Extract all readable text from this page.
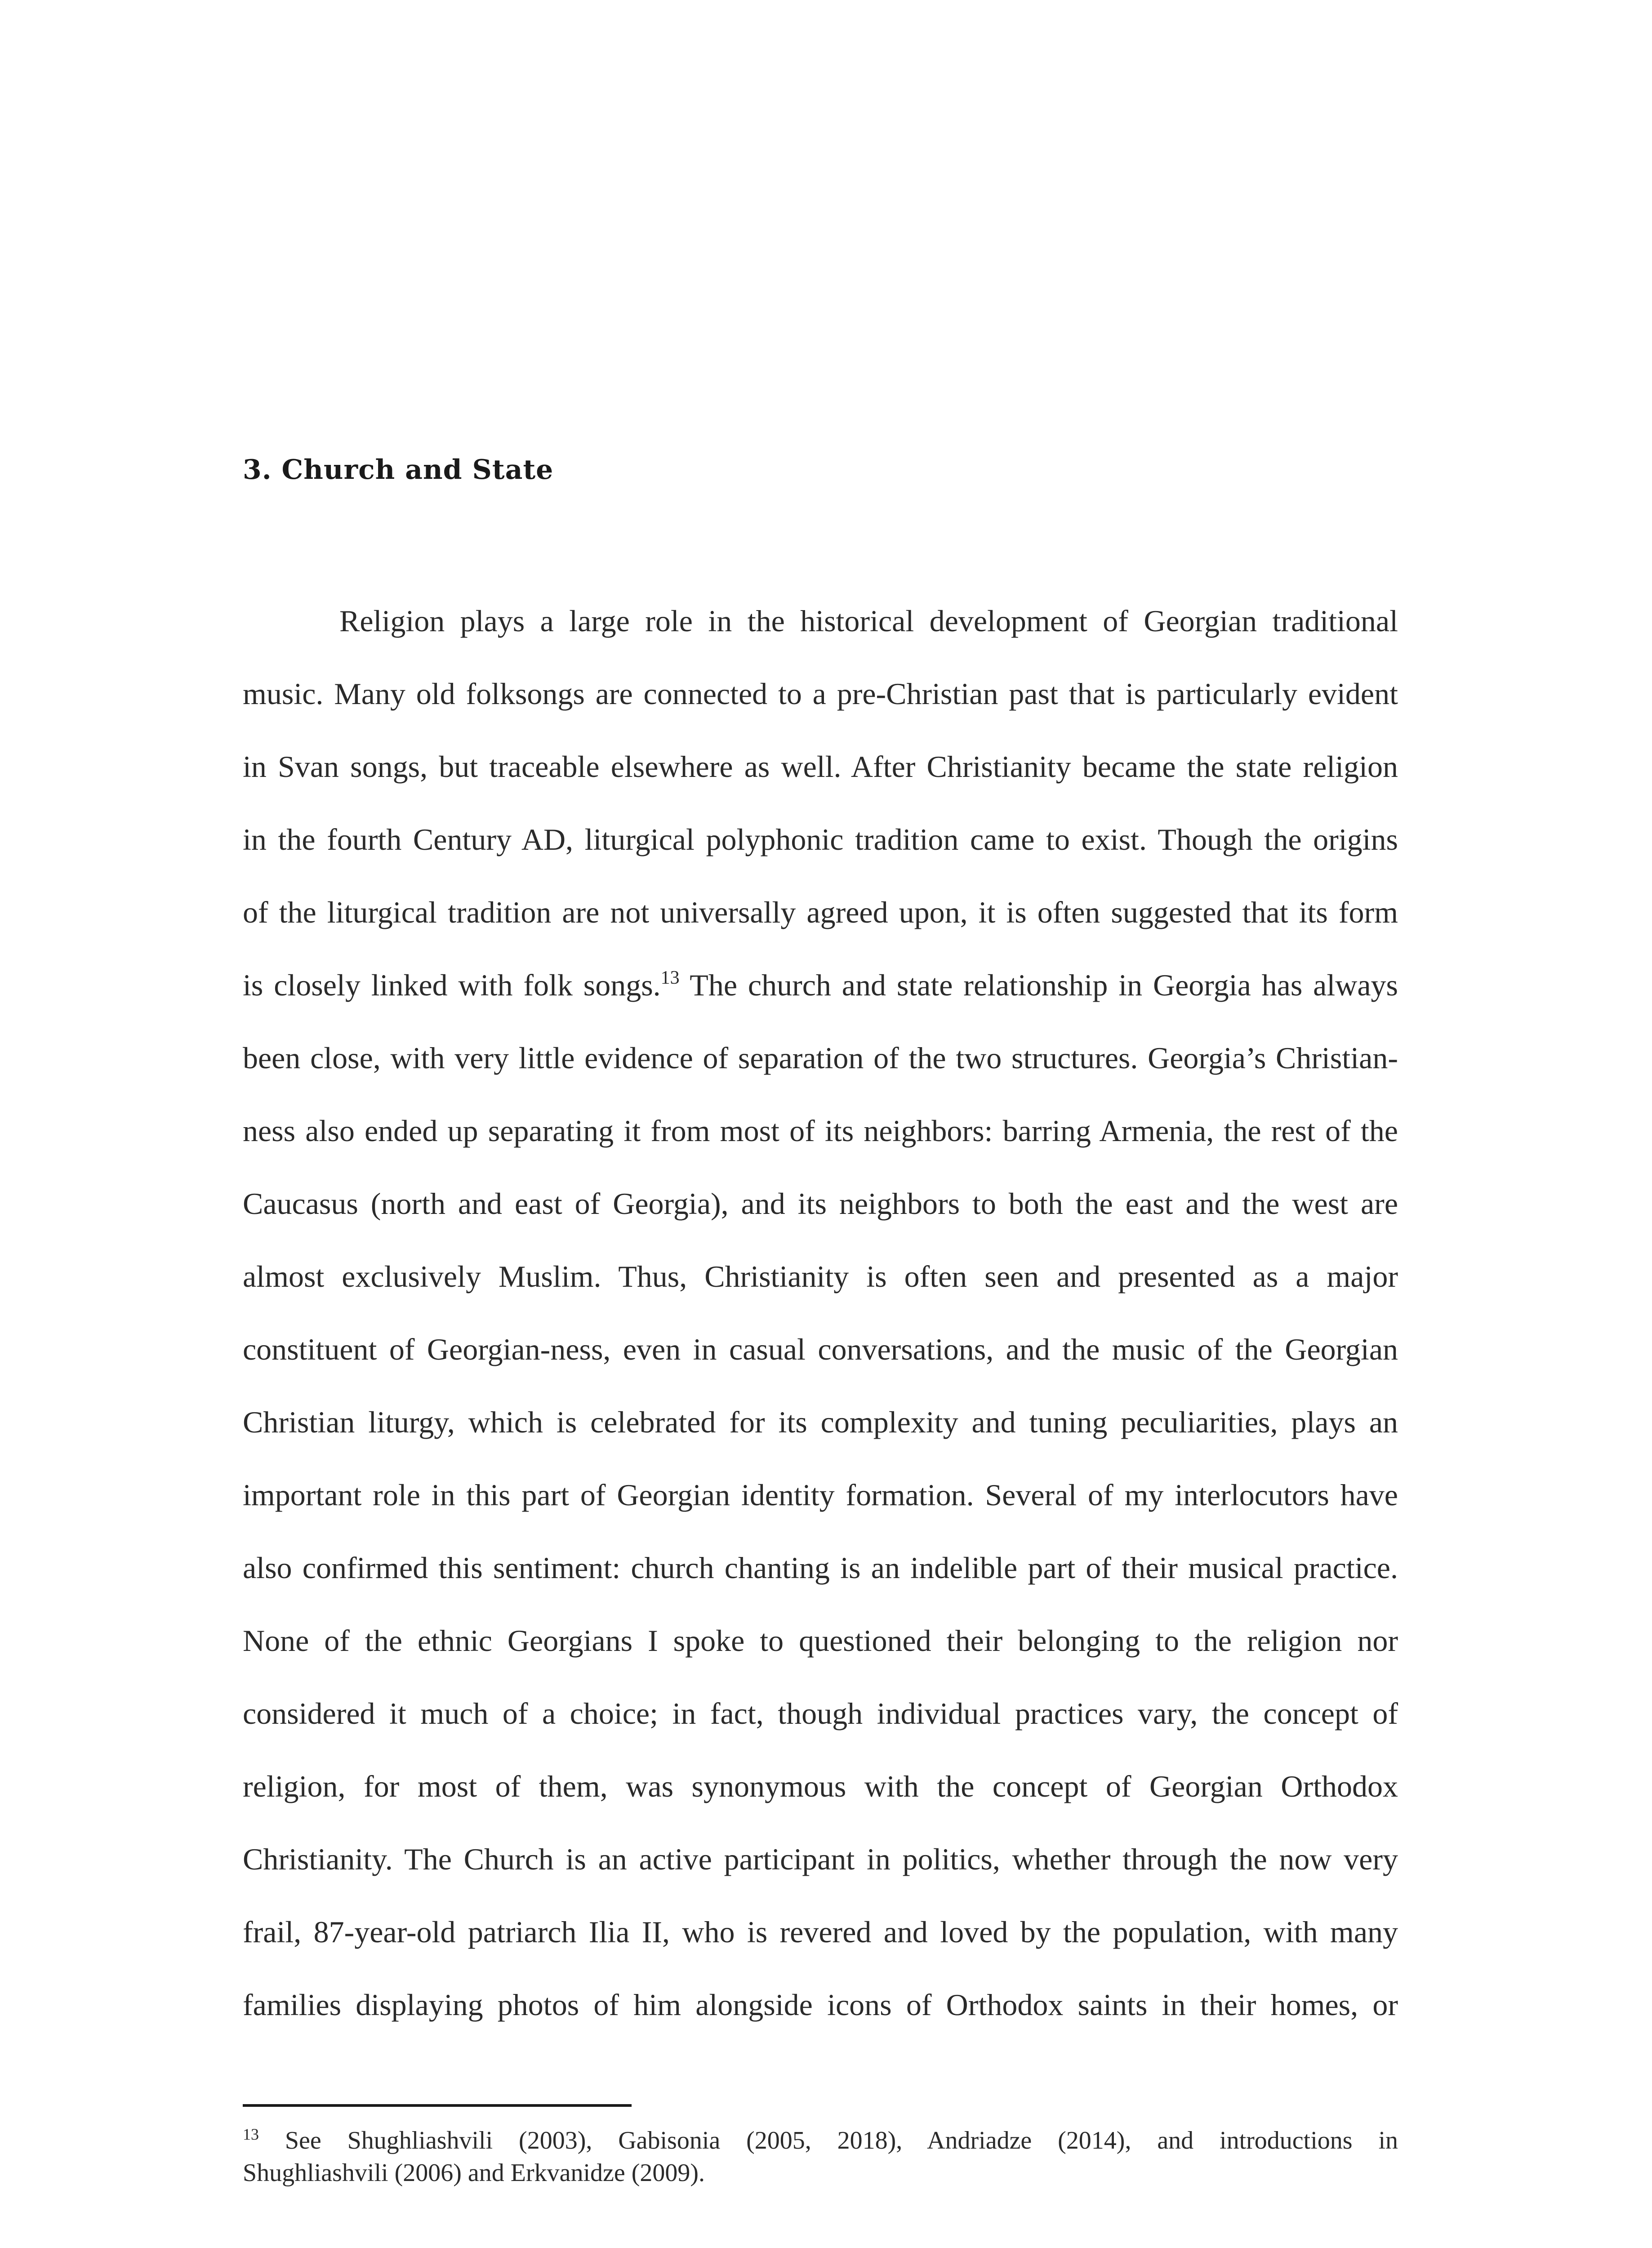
3. Church and State
Religion plays a large role in the historical development of Georgian traditional
music. Many old folksongs are connected to a pre-Christian past that is particularly evident
in Svan songs, but traceable elsewhere as well. After Christianity became the state religion
in the fourth Century AD, liturgical polyphonic tradition came to exist. Though the origins
of the liturgical tradition are not universally agreed upon, it is often suggested that its form
is closely linked with folk songs.$^{13}$ The church and state relationship in Georgia has always
been close, with very little evidence of separation of the two structures. Georgia’s Christian-
ness also ended up separating it from most of its neighbors: barring Armenia, the rest of the
Caucasus (north and east of Georgia), and its neighbors to both the east and the west are
almost exclusively Muslim. Thus, Christianity is often seen and presented as a major
constituent of Georgian-ness, even in casual conversations, and the music of the Georgian
Christian liturgy, which is celebrated for its complexity and tuning peculiarities, plays an
important role in this part of Georgian identity formation. Several of my interlocutors have
also confirmed this sentiment: church chanting is an indelible part of their musical practice.
None of the ethnic Georgians I spoke to questioned their belonging to the religion nor
considered it much of a choice; in fact, though individual practices vary, the concept of
religion, for most of them, was synonymous with the concept of Georgian Orthodox
Christianity. The Church is an active participant in politics, whether through the now very
frail, 87-year-old patriarch Ilia II, who is revered and loved by the population, with many
families displaying photos of him alongside icons of Orthodox saints in their homes, or
$^{13}$ See Shughliashvili (2003), Gabisonia (2005, 2018), Andriadze (2014), and introductions in
Shughliashvili (2006) and Erkvanidze (2009).
